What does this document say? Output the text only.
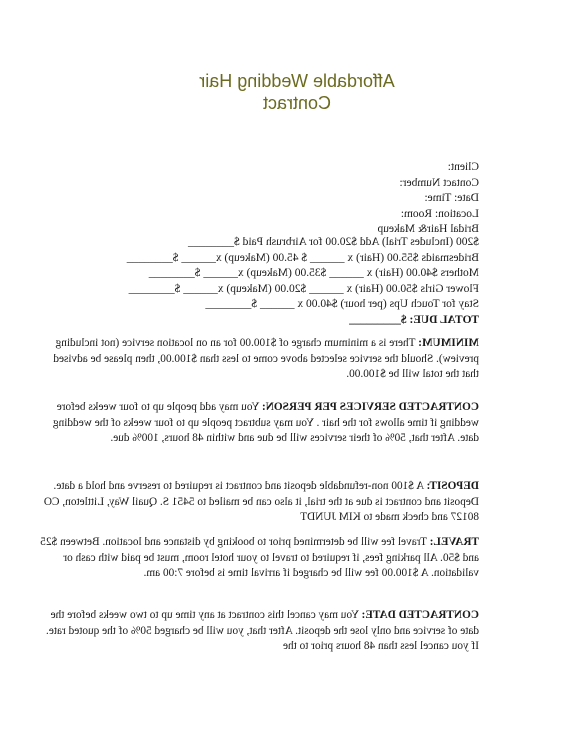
Affordable Wedding Hair
Contract
Client:
Contact Number:
Date: Time:
Location: Room:
Bridal Hair& Makeup
$200 (Includes Trial) Add $20.00 for Airbrush Paid $________
Bridesmaids $55.00 (Hair) x ______ $ 45.00 (Makeup) x______ $________
Mothers $40.00 (Hair) x ______ $35.00 (Makeup) x______ $________
Flower Girls $50.00 (Hair) x ______ $20.00 (Makeup) x______ $________
Stay for Touch Ups (per hour) $40.00 x ______ $________
TOTAL DUE: $_________
MINIMUM: There is a minimum charge of $100.00 for an on location service (not including preview). Should the service selected above come to less than $100.00, then please be advised that the total will be $100.00.
CONTRACTED SERVICES PER PERSON: You may add people up to four weeks before wedding if time allows for the hair . You may subtract people up to four weeks of the wedding date. After that, 50% of their services will be due and within 48 hours, 100% due.
DEPOSIT: A $100 non-refundable deposit and contract is required to reserve and hold a date. Deposit and contract is due at the trial, it also can be mailed to 5451 S. Quail Way, Littleton, CO 80127 and check made to KIM JUNDT
TRAVEL: Travel fee will be determined prior to booking by distance and location. Between $25 and $50. All parking fees, if required to travel to your hotel room, must be paid with cash or validation. A $100.00 fee will be charged if arrival time is before 7:00 am.
CONTRACTED DATE: You may cancel this contract at any time up to two weeks before the date of service and only lose the deposit. After that, you will be charged 50% of the quoted rate. If you cancel less than 48 hours prior to the
